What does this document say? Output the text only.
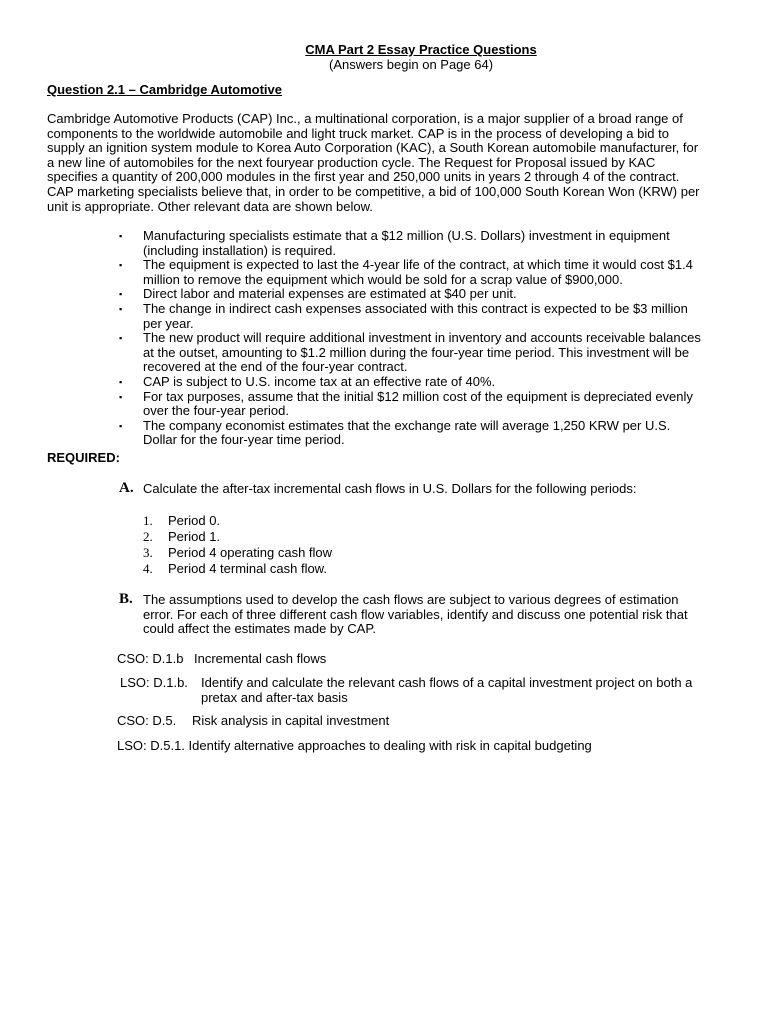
CMA Part 2 Essay Practice Questions
(Answers begin on Page 64)
Question 2.1 – Cambridge Automotive

Cambridge Automotive Products (CAP) Inc., a multinational corporation, is a major supplier of a broad range of
components to the worldwide automobile and light truck market. CAP is in the process of developing a bid to
supply an ignition system module to Korea Auto Corporation (KAC), a South Korean automobile manufacturer, for
a new line of automobiles for the next fouryear production cycle. The Request for Proposal issued by KAC
specifies a quantity of 200,000 modules in the first year and 250,000 units in years 2 through 4 of the contract.
CAP marketing specialists believe that, in order to be competitive, a bid of 100,000 South Korean Won (KRW) per
unit is appropriate. Other relevant data are shown below.

▪ Manufacturing specialists estimate that a $12 million (U.S. Dollars) investment in equipment
(including installation) is required.
▪ The equipment is expected to last the 4-year life of the contract, at which time it would cost $1.4
million to remove the equipment which would be sold for a scrap value of $900,000.
▪ Direct labor and material expenses are estimated at $40 per unit.
▪ The change in indirect cash expenses associated with this contract is expected to be $3 million
per year.
▪ The new product will require additional investment in inventory and accounts receivable balances
at the outset, amounting to $1.2 million during the four-year time period. This investment will be
recovered at the end of the four-year contract.
▪ CAP is subject to U.S. income tax at an effective rate of 40%.
▪ For tax purposes, assume that the initial $12 million cost of the equipment is depreciated evenly
over the four-year period.
▪ The company economist estimates that the exchange rate will average 1,250 KRW per U.S.
Dollar for the four-year time period.
REQUIRED:
A. Calculate the after-tax incremental cash flows in U.S. Dollars for the following periods:
1. Period 0.
2. Period 1.
3. Period 4 operating cash flow
4. Period 4 terminal cash flow.
B. The assumptions used to develop the cash flows are subject to various degrees of estimation
error. For each of three different cash flow variables, identify and discuss one potential risk that
could affect the estimates made by CAP.
CSO: D.1.b Incremental cash flows
LSO: D.1.b. Identify and calculate the relevant cash flows of a capital investment project on both a
pretax and after-tax basis
CSO: D.5. Risk analysis in capital investment
LSO: D.5.1. Identify alternative approaches to dealing with risk in capital budgeting
